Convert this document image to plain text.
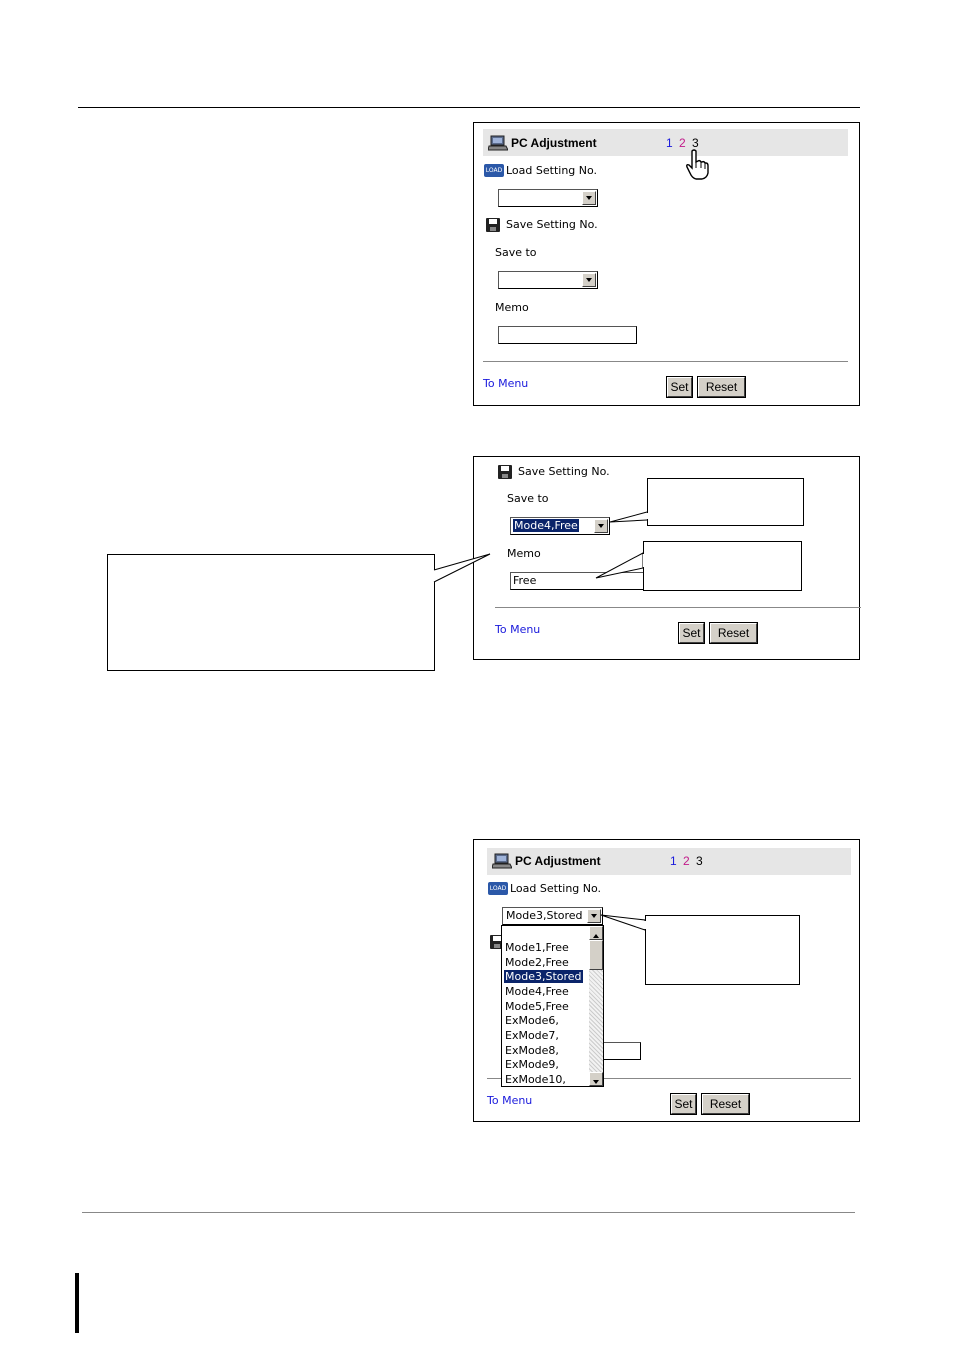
PC Adjustment	1 2 3
LOAD Load Setting No.
Save Setting No.
Save to
Memo
To Menu	Set	Reset
Save Setting No.
Save to
Mode4,Free
Memo
Free
To Menu	Set	Reset
PC Adjustment	1 2 3
LOAD Load Setting No.
Mode3,Stored
To Menu	Set	Reset
Mode1,Free
Mode2,Free
Mode3,Stored
Mode4,Free
Mode5,Free
ExMode6,
ExMode7,
ExMode8,
ExMode9,
ExMode10,
